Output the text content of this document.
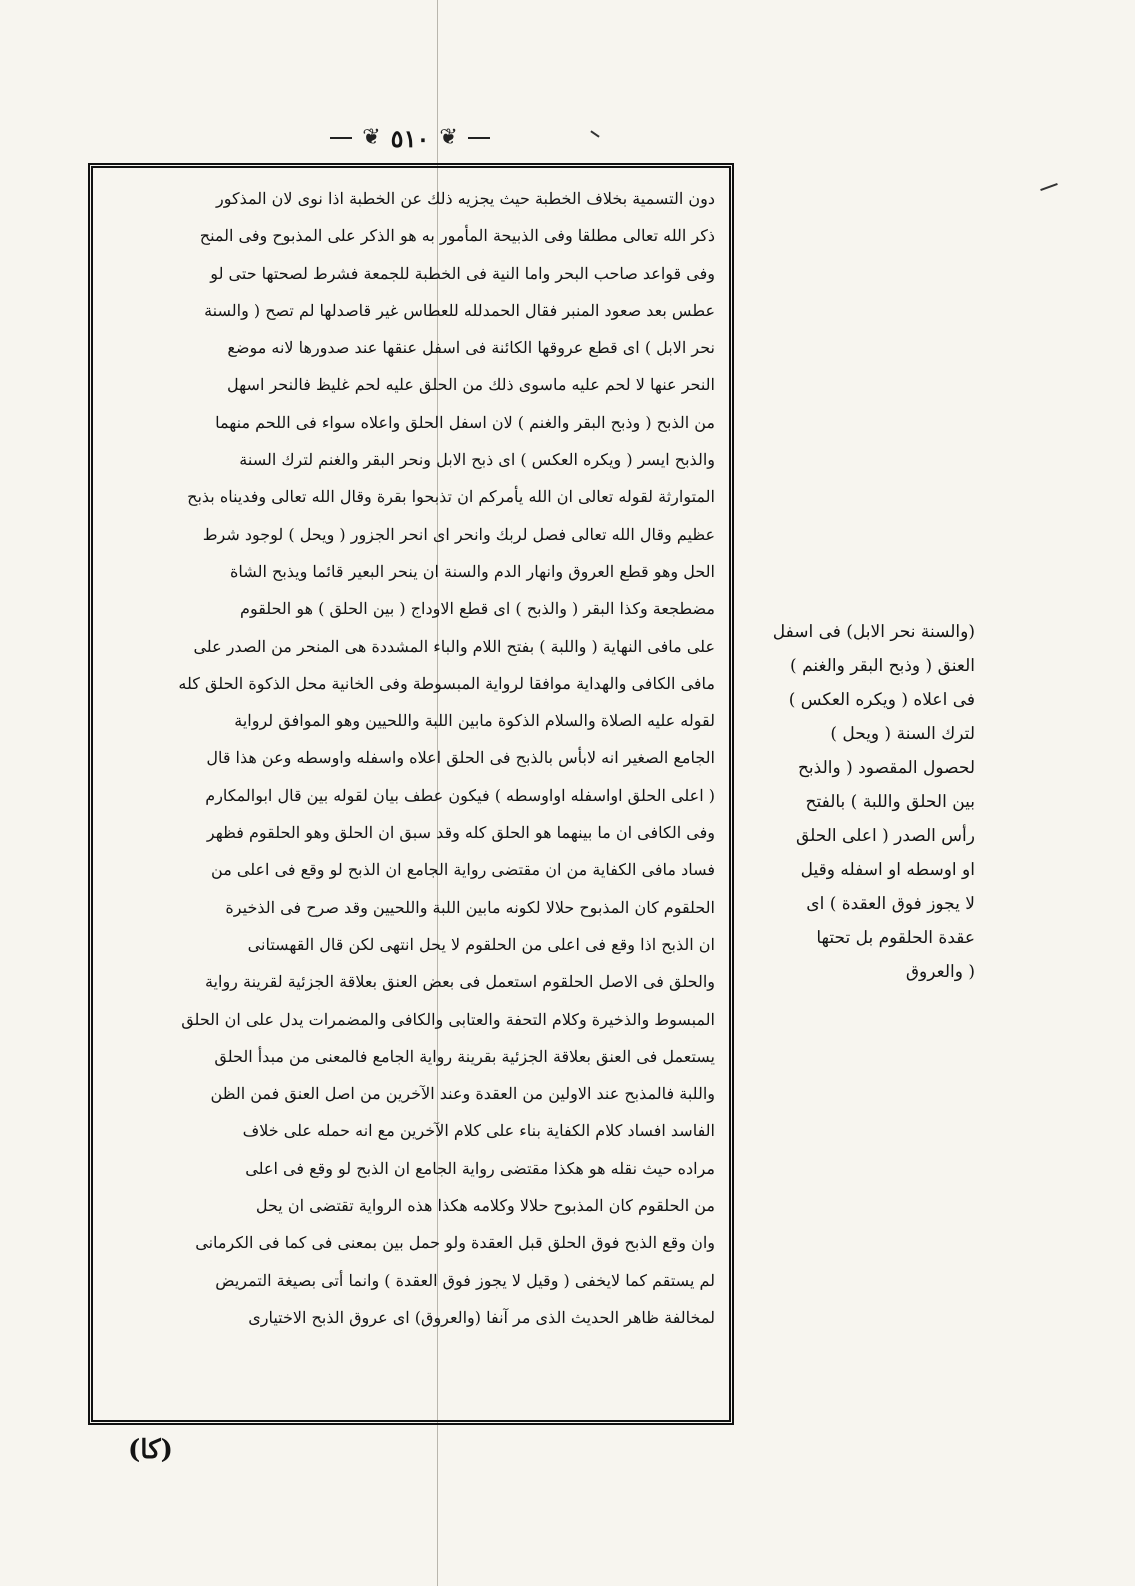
❦
٥١٠
❦
دون التسمية بخلاف الخطبة حيث يجزيه ذلك عن الخطبة اذا نوى لان المذكور
ذكر الله تعالى مطلقا وفى الذبيحة المأمور به هو الذكر على المذبوح وفى المنح
وفى قواعد صاحب البحر واما النية فى الخطبة للجمعة فشرط لصحتها حتى لو
عطس بعد صعود المنبر فقال الحمدلله للعطاس غير قاصدلها لم تصح ( والسنة
نحر الابل ) اى قطع عروقها الكائنة فى اسفل عنقها عند صدورها لانه موضع
النحر عنها لا لحم عليه ماسوى ذلك من الحلق عليه لحم غليظ فالنحر اسهل
من الذبح ( وذبح البقر والغنم ) لان اسفل الحلق واعلاه سواء فى اللحم منهما
والذبح ايسر ( ويكره العكس ) اى ذبح الابل ونحر البقر والغنم لترك السنة
المتوارثة لقوله تعالى ان الله يأمركم ان تذبحوا بقرة وقال الله تعالى وفديناه بذبح
عظيم وقال الله تعالى فصل لربك وانحر اى انحر الجزور ( ويحل ) لوجود شرط
الحل وهو قطع العروق وانهار الدم والسنة ان ينحر البعير قائما ويذبح الشاة
مضطجعة وكذا البقر ( والذبح ) اى قطع الاوداج ( بين الحلق ) هو الحلقوم
على مافى النهاية ( واللبة ) بفتح اللام والباء المشددة هى المنحر من الصدر على
مافى الكافى والهداية موافقا لرواية المبسوطة وفى الخانية محل الذكوة الحلق كله
لقوله عليه الصلاة والسلام الذكوة مابين اللبة واللحيين وهو الموافق لرواية
الجامع الصغير انه لابأس بالذبح فى الحلق اعلاه واسفله واوسطه وعن هذا قال
( اعلى الحلق اواسفله اواوسطه ) فيكون عطف بيان لقوله بين قال ابوالمكارم
وفى الكافى ان ما بينهما هو الحلق كله وقد سبق ان الحلق وهو الحلقوم فظهر
فساد مافى الكفاية من ان مقتضى رواية الجامع ان الذبح لو وقع فى اعلى من
الحلقوم كان المذبوح حلالا لكونه مابين اللبة واللحيين وقد صرح فى الذخيرة
ان الذبح اذا وقع فى اعلى من الحلقوم لا يحل انتهى لكن قال القهستانى
والحلق فى الاصل الحلقوم استعمل فى بعض العنق بعلاقة الجزئية لقرينة رواية
المبسوط والذخيرة وكلام التحفة والعتابى والكافى والمضمرات يدل على ان الحلق
يستعمل فى العنق بعلاقة الجزئية بقرينة رواية الجامع فالمعنى من مبدأ الحلق
واللبة فالمذبح عند الاولين من العقدة وعند الآخرين من اصل العنق فمن الظن
الفاسد افساد كلام الكفاية بناء على كلام الآخرين مع انه حمله على خلاف
مراده حيث نقله هو هكذا مقتضى رواية الجامع ان الذبح لو وقع فى اعلى
من الحلقوم كان المذبوح حلالا وكلامه هكذا هذه الرواية تقتضى ان يحل
وان وقع الذبح فوق الحلق قبل العقدة ولو حمل بين بمعنى فى كما فى الكرمانى
لم يستقم كما لايخفى ( وقيل لا يجوز فوق العقدة ) وانما أتى بصيغة التمريض
لمخالفة ظاهر الحديث الذى مر آنفا (والعروق) اى عروق الذبح الاختيارى
(والسنة نحر الابل) فى اسفل
العنق ( وذبح البقر والغنم )
فى اعلاه ( ويكره العكس )
لترك السنة ( ويحل )
لحصول المقصود ( والذبح
بين الحلق واللبة ) بالفتح
رأس الصدر ( اعلى الحلق
او اوسطه او اسفله وقيل
لا يجوز فوق العقدة ) اى
عقدة الحلقوم بل تحتها
( والعروق
(كا)
